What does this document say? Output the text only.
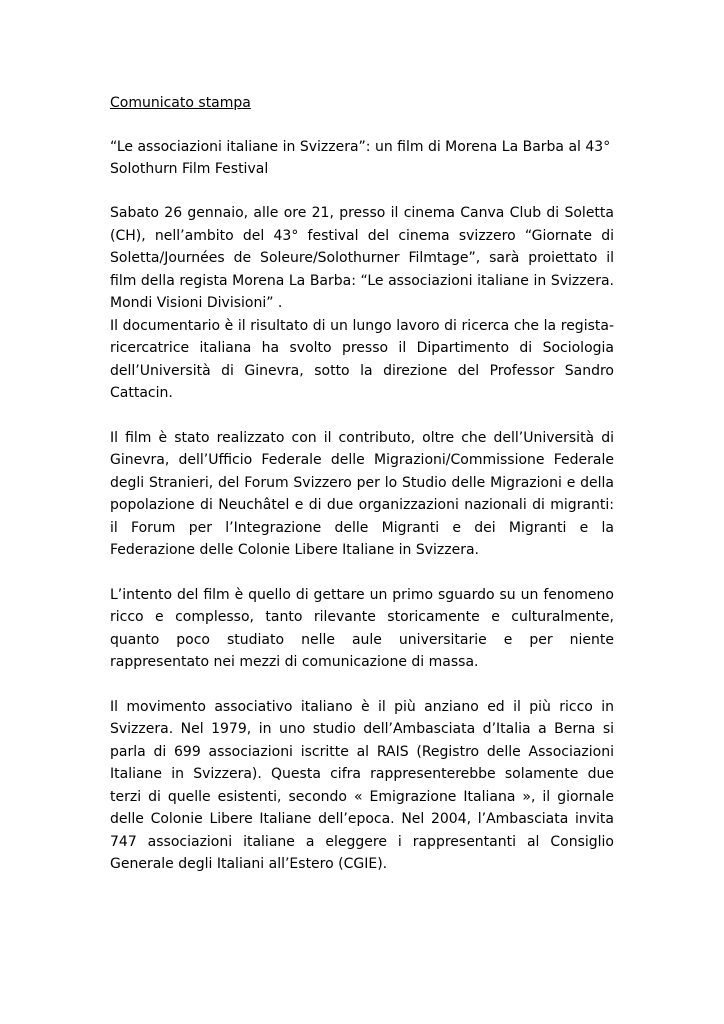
Comunicato stampa
“Le associazioni italiane in Svizzera”: un film di Morena La Barba al 43°
Solothurn Film Festival

Sabato 26 gennaio, alle ore 21, presso il cinema Canva Club di Soletta (CH), nell’ambito del 43° festival del cinema svizzero “Giornate di Soletta/Journées de Soleure/Solothurner Filmtage”, sarà proiettato il film della regista Morena La Barba: “Le associazioni italiane in Svizzera. Mondi Visioni Divisioni” .

Il documentario è il risultato di un lungo lavoro di ricerca che la regista-ricercatrice italiana ha svolto presso il Dipartimento di Sociologia dell’Università di Ginevra, sotto la direzione del Professor Sandro Cattacin.

Il film è stato realizzato con il contributo, oltre che dell’Università di Ginevra, dell’Ufficio Federale delle Migrazioni/Commissione Federale degli Stranieri, del Forum Svizzero per lo Studio delle Migrazioni e della popolazione di Neuchâtel e di due organizzazioni nazionali di migranti: il Forum per l’Integrazione delle Migranti e dei Migranti e la Federazione delle Colonie Libere Italiane in Svizzera.

L’intento del film è quello di gettare un primo sguardo su un fenomeno ricco e complesso, tanto rilevante storicamente e culturalmente, quanto poco studiato nelle aule universitarie e per niente rappresentato nei mezzi di comunicazione di massa.

Il movimento associativo italiano è il più anziano ed il più ricco in Svizzera. Nel 1979, in uno studio dell’Ambasciata d’Italia a Berna si parla di 699 associazioni iscritte al RAIS (Registro delle Associazioni Italiane in Svizzera). Questa cifra rappresenterebbe solamente due terzi di quelle esistenti, secondo « Emigrazione Italiana », il giornale delle Colonie Libere Italiane dell’epoca. Nel 2004, l’Ambasciata invita 747 associazioni italiane a eleggere i rappresentanti al Consiglio Generale degli Italiani all’Estero (CGIE).
